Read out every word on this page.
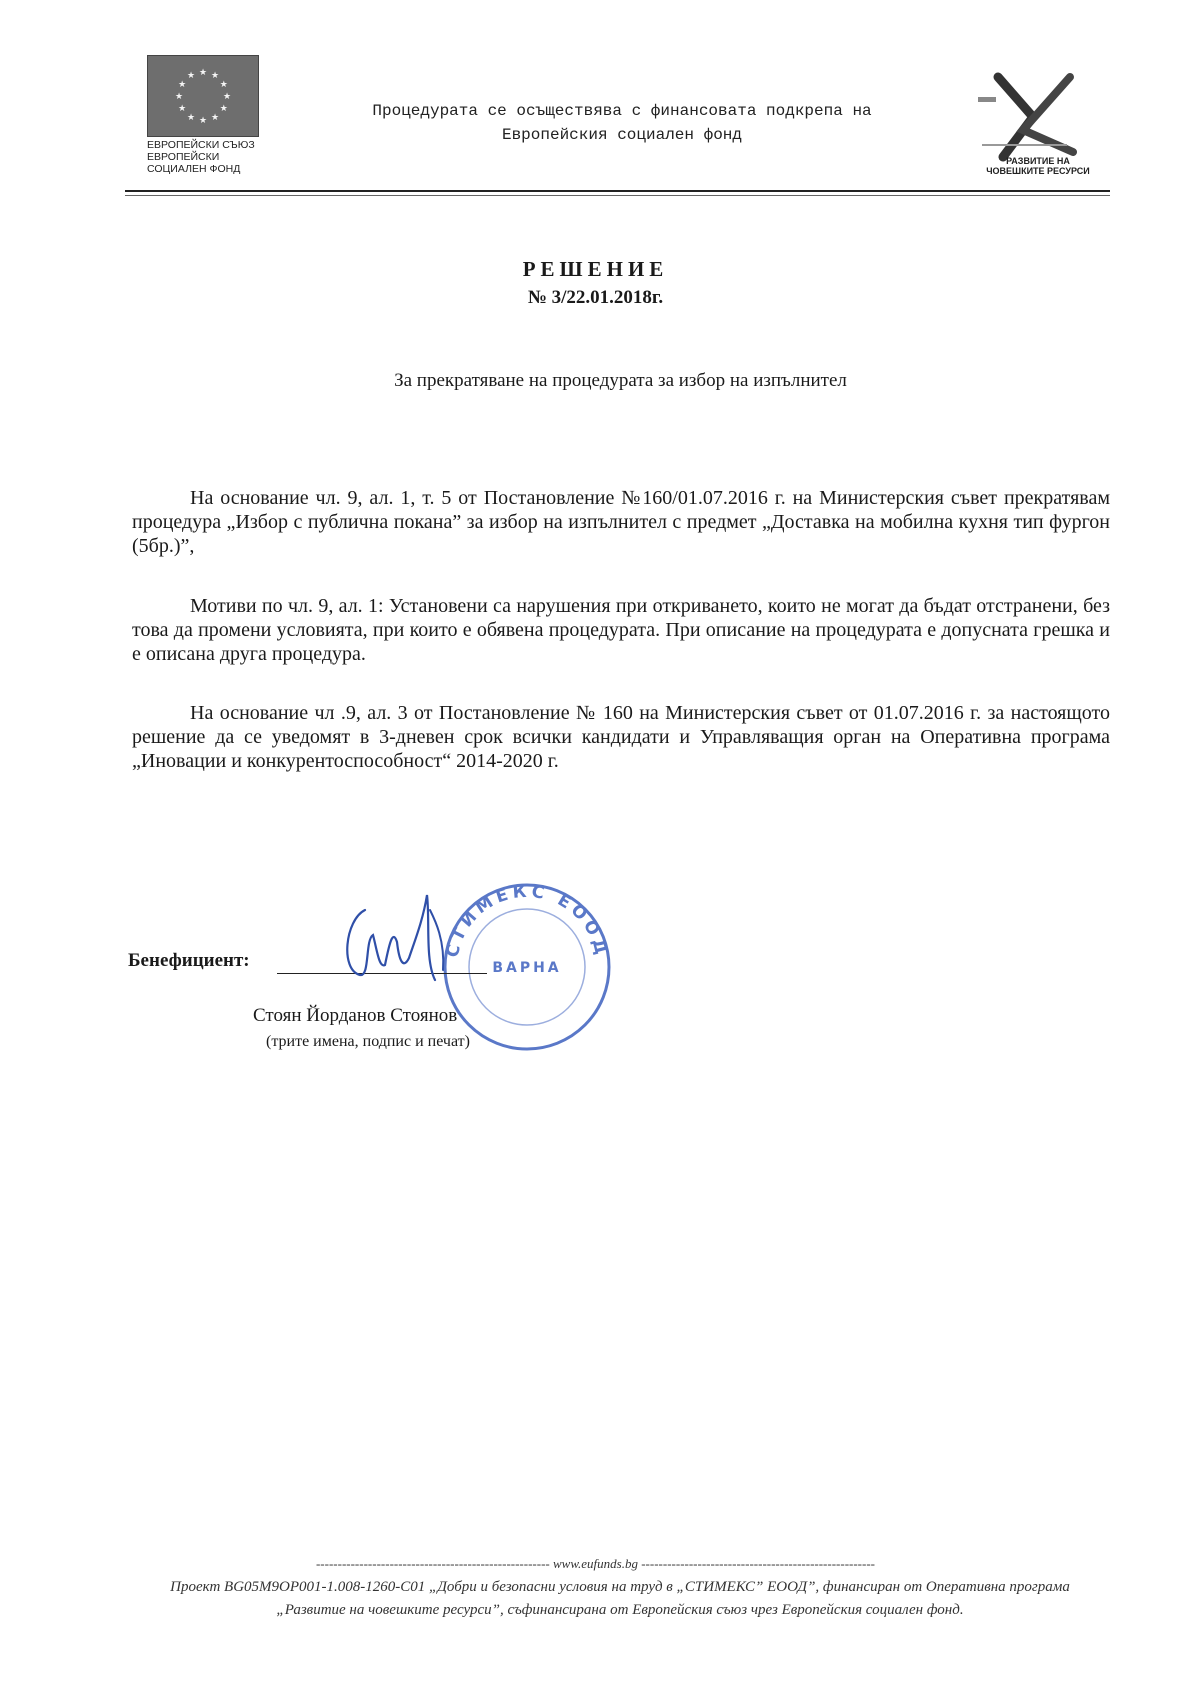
★ ★
★
★
★
★
★
★
★
★
★
★
ЕВРОПЕЙСКИ СЪЮЗ
ЕВРОПЕЙСКИ
СОЦИАЛЕН ФОНД
Процедурата се осъществява с финансовата подкрепа на
Европейския социален фонд
РАЗВИТИЕ НА
ЧОВЕШКИТЕ РЕСУРСИ
РЕШЕНИЕ
№ 3/22.01.2018г.
За прекратяване на процедурата за избор на изпълнител
На основание чл. 9, ал. 1, т. 5 от Постановление №160/01.07.2016 г. на Министерския съвет прекратявам процедура „Избор с публична покана” за избор на изпълнител с предмет „Доставка на мобилна кухня тип фургон (5бр.)”,
Мотиви по чл. 9, ал. 1: Установени са нарушения при откриването, които не могат да бъдат отстранени, без това да промени условията, при които е обявена процедурата. При описание на процедурата е допусната грешка и е описана друга процедура.
На основание чл .9, ал. 3 от Постановление № 160 на Министерския съвет от 01.07.2016 г. за настоящото решение да се уведомят в 3-дневен срок всички кандидати и Управляващия орган на Оперативна програма „Иновации и конкурентоспособност“ 2014-2020 г.
СТИМЕКС ЕООД
ВАРНА
Бенефициент:
Стоян Йорданов Стоянов
(трите имена, подпис и печат)
------------------------------------------------------ www.eufunds.bg ------------------------------------------------------
Проект BG05M9OP001-1.008-1260-C01 „Добри и безопасни условия на труд в „СТИМЕКС” ЕООД”, финансиран от Оперативна програма „Развитие на човешките ресурси”, съфинансирана от Европейския съюз чрез Европейския социален фонд.
